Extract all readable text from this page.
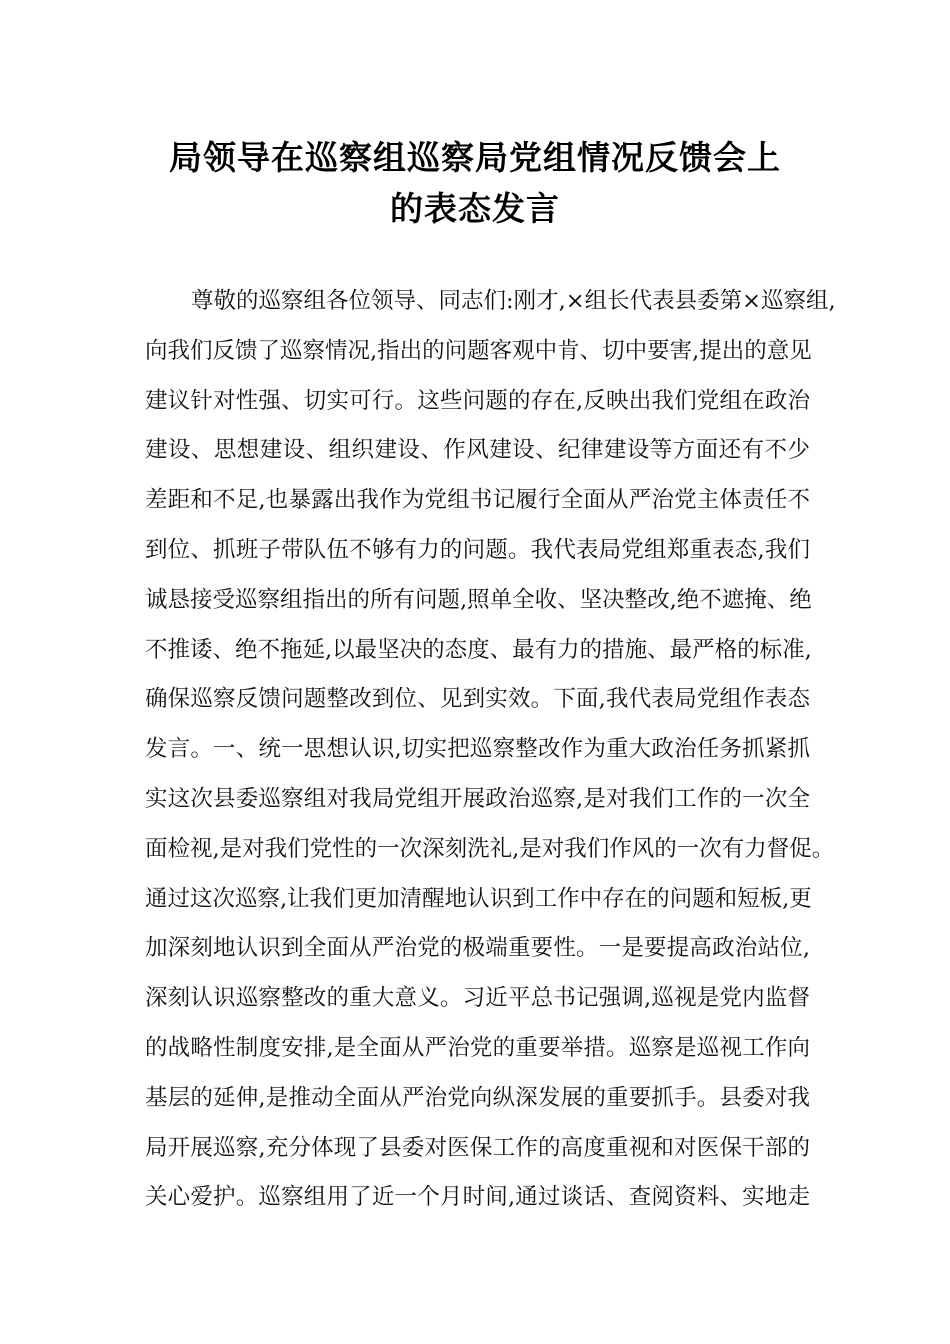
局领导在巡察组巡察局党组情况反馈会上
的表态发言
尊敬的巡察组各位领导、同志们:刚才,×组长代表县委第×巡察组,
向我们反馈了巡察情况,指出的问题客观中肯、切中要害,提出的意见
建议针对性强、切实可行。这些问题的存在,反映出我们党组在政治
建设、思想建设、组织建设、作风建设、纪律建设等方面还有不少
差距和不足,也暴露出我作为党组书记履行全面从严治党主体责任不
到位、抓班子带队伍不够有力的问题。我代表局党组郑重表态,我们
诚恳接受巡察组指出的所有问题,照单全收、坚决整改,绝不遮掩、绝
不推诿、绝不拖延,以最坚决的态度、最有力的措施、最严格的标准,
确保巡察反馈问题整改到位、见到实效。下面,我代表局党组作表态
发言。一、统一思想认识,切实把巡察整改作为重大政治任务抓紧抓
实这次县委巡察组对我局党组开展政治巡察,是对我们工作的一次全
面检视,是对我们党性的一次深刻洗礼,是对我们作风的一次有力督促。
通过这次巡察,让我们更加清醒地认识到工作中存在的问题和短板,更
加深刻地认识到全面从严治党的极端重要性。一是要提高政治站位,
深刻认识巡察整改的重大意义。习近平总书记强调,巡视是党内监督
的战略性制度安排,是全面从严治党的重要举措。巡察是巡视工作向
基层的延伸,是推动全面从严治党向纵深发展的重要抓手。县委对我
局开展巡察,充分体现了县委对医保工作的高度重视和对医保干部的
关心爱护。巡察组用了近一个月时间,通过谈话、查阅资料、实地走
